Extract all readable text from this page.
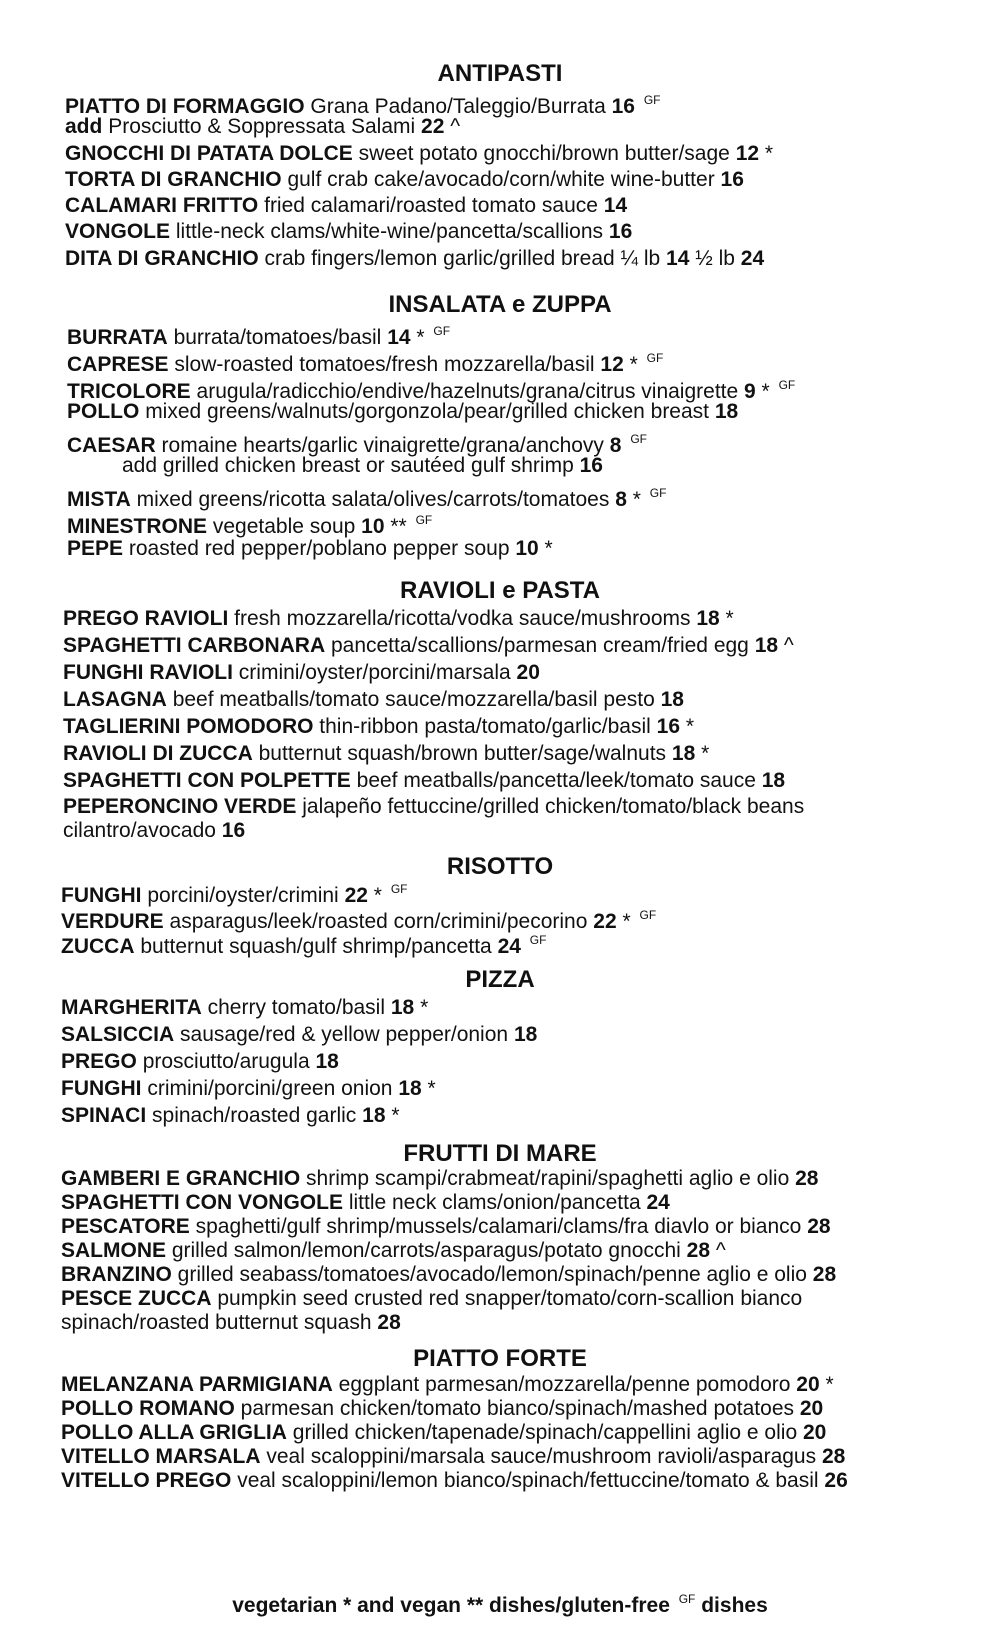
ANTIPASTI
PIATTO DI FORMAGGIO Grana Padano/Taleggio/Burrata 16 $^{GF}$
add Prosciutto & Soppressata Salami 22 ^
GNOCCHI DI PATATA DOLCE sweet potato gnocchi/brown butter/sage 12 *
TORTA DI GRANCHIO gulf crab cake/avocado/corn/white wine-butter 16
CALAMARI FRITTO fried calamari/roasted tomato sauce 14
VONGOLE little-neck clams/white-wine/pancetta/scallions 16
DITA DI GRANCHIO crab fingers/lemon garlic/grilled bread ¼ lb 14 ½ lb 24
INSALATA e ZUPPA
BURRATA burrata/tomatoes/basil 14 * $^{GF}$
CAPRESE slow-roasted tomatoes/fresh mozzarella/basil 12 * $^{GF}$
TRICOLORE arugula/radicchio/endive/hazelnuts/grana/citrus vinaigrette 9 * $^{GF}$
POLLO mixed greens/walnuts/gorgonzola/pear/grilled chicken breast 18
CAESAR romaine hearts/garlic vinaigrette/grana/anchovy 8 $^{GF}$
add grilled chicken breast or sautéed gulf shrimp 16
MISTA mixed greens/ricotta salata/olives/carrots/tomatoes 8 * $^{GF}$
MINESTRONE vegetable soup 10 ** $^{GF}$
PEPE roasted red pepper/poblano pepper soup 10 *
RAVIOLI e PASTA
PREGO RAVIOLI fresh mozzarella/ricotta/vodka sauce/mushrooms 18 *
SPAGHETTI CARBONARA pancetta/scallions/parmesan cream/fried egg 18 ^
FUNGHI RAVIOLI crimini/oyster/porcini/marsala 20
LASAGNA beef meatballs/tomato sauce/mozzarella/basil pesto 18
TAGLIERINI POMODORO thin-ribbon pasta/tomato/garlic/basil 16 *
RAVIOLI DI ZUCCA butternut squash/brown butter/sage/walnuts 18 *
SPAGHETTI CON POLPETTE beef meatballs/pancetta/leek/tomato sauce 18
PEPERONCINO VERDE jalapeño fettuccine/grilled chicken/tomato/black beans
cilantro/avocado 16
RISOTTO
FUNGHI porcini/oyster/crimini 22 * $^{GF}$
VERDURE asparagus/leek/roasted corn/crimini/pecorino 22 * $^{GF}$
ZUCCA butternut squash/gulf shrimp/pancetta 24 $^{GF}$
PIZZA
MARGHERITA cherry tomato/basil 18 *
SALSICCIA sausage/red & yellow pepper/onion 18
PREGO prosciutto/arugula 18
FUNGHI crimini/porcini/green onion 18 *
SPINACI spinach/roasted garlic 18 *
FRUTTI DI MARE
GAMBERI E GRANCHIO shrimp scampi/crabmeat/rapini/spaghetti aglio e olio 28
SPAGHETTI CON VONGOLE little neck clams/onion/pancetta 24
PESCATORE spaghetti/gulf shrimp/mussels/calamari/clams/fra diavlo or bianco 28
SALMONE grilled salmon/lemon/carrots/asparagus/potato gnocchi 28 ^
BRANZINO grilled seabass/tomatoes/avocado/lemon/spinach/penne aglio e olio 28
PESCE ZUCCA pumpkin seed crusted red snapper/tomato/corn-scallion bianco
spinach/roasted butternut squash 28
PIATTO FORTE
MELANZANA PARMIGIANA eggplant parmesan/mozzarella/penne pomodoro 20 *
POLLO ROMANO parmesan chicken/tomato bianco/spinach/mashed potatoes 20
POLLO ALLA GRIGLIA grilled chicken/tapenade/spinach/cappellini aglio e olio 20
VITELLO MARSALA veal scaloppini/marsala sauce/mushroom ravioli/asparagus 28
VITELLO PREGO veal scaloppini/lemon bianco/spinach/fettuccine/tomato & basil 26
vegetarian * and vegan ** dishes/gluten-free $^{GF}$ dishes
